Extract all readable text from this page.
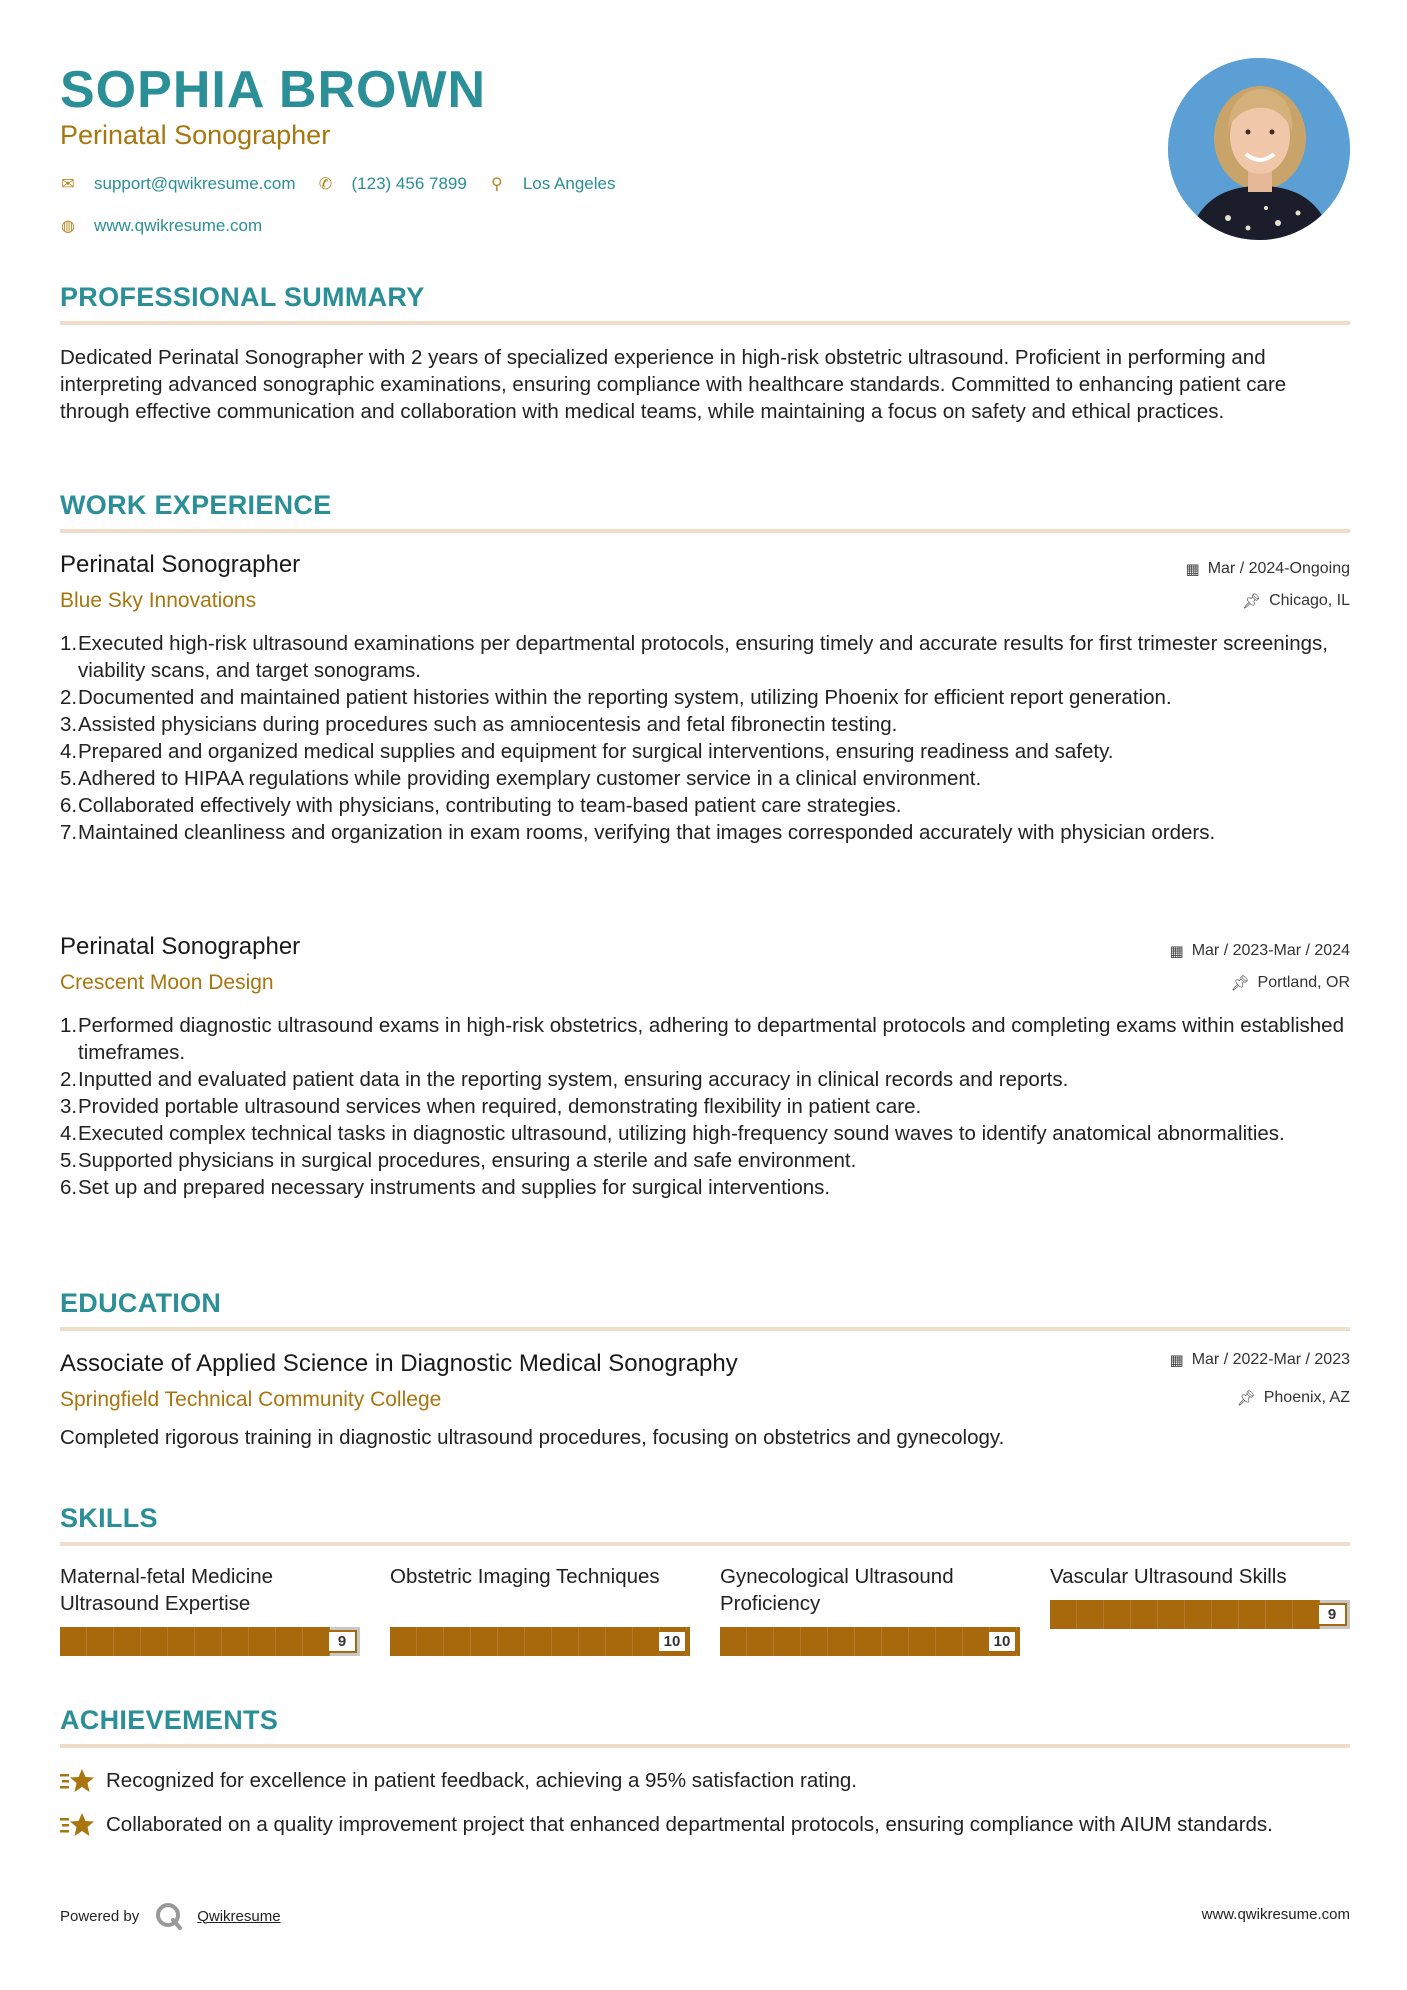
SOPHIA BROWN
Perinatal Sonographer
✉ support@qwikresume.com ✆ (123) 456 7899 ⚲ Los Angeles
◍ www.qwikresume.com
PROFESSIONAL SUMMARY
Dedicated Perinatal Sonographer with 2 years of specialized experience in high-risk obstetric ultrasound. Proficient in performing and interpreting advanced sonographic examinations, ensuring compliance with healthcare standards. Committed to enhancing patient care through effective communication and collaboration with medical teams, while maintaining a focus on safety and ethical practices.
WORK EXPERIENCE
Perinatal Sonographer
Blue Sky Innovations
▦ Mar / 2024-Ongoing
📌︎ Chicago, IL
Executed high-risk ultrasound examinations per departmental protocols, ensuring timely and accurate results for first trimester screenings, viability scans, and target sonograms.
Documented and maintained patient histories within the reporting system, utilizing Phoenix for efficient report generation.
Assisted physicians during procedures such as amniocentesis and fetal fibronectin testing.
Prepared and organized medical supplies and equipment for surgical interventions, ensuring readiness and safety.
Adhered to HIPAA regulations while providing exemplary customer service in a clinical environment.
Collaborated effectively with physicians, contributing to team-based patient care strategies.
Maintained cleanliness and organization in exam rooms, verifying that images corresponded accurately with physician orders.
Perinatal Sonographer
Crescent Moon Design
▦ Mar / 2023-Mar / 2024
📌︎ Portland, OR
Performed diagnostic ultrasound exams in high-risk obstetrics, adhering to departmental protocols and completing exams within established timeframes.
Inputted and evaluated patient data in the reporting system, ensuring accuracy in clinical records and reports.
Provided portable ultrasound services when required, demonstrating flexibility in patient care.
Executed complex technical tasks in diagnostic ultrasound, utilizing high-frequency sound waves to identify anatomical abnormalities.
Supported physicians in surgical procedures, ensuring a sterile and safe environment.
Set up and prepared necessary instruments and supplies for surgical interventions.
EDUCATION
Associate of Applied Science in Diagnostic Medical Sonography
Springfield Technical Community College
▦ Mar / 2022-Mar / 2023
📌︎ Phoenix, AZ
Completed rigorous training in diagnostic ultrasound procedures, focusing on obstetrics and gynecology.
SKILLS
Maternal-fetal Medicine Ultrasound Expertise
9
Obstetric Imaging Techniques
10
Gynecological Ultrasound Proficiency
10
Vascular Ultrasound Skills
9
ACHIEVEMENTS
Recognized for excellence in patient feedback, achieving a 95% satisfaction rating.
Collaborated on a quality improvement project that enhanced departmental protocols, ensuring compliance with AIUM standards.
Powered by	Qwikresume	www.qwikresume.com
